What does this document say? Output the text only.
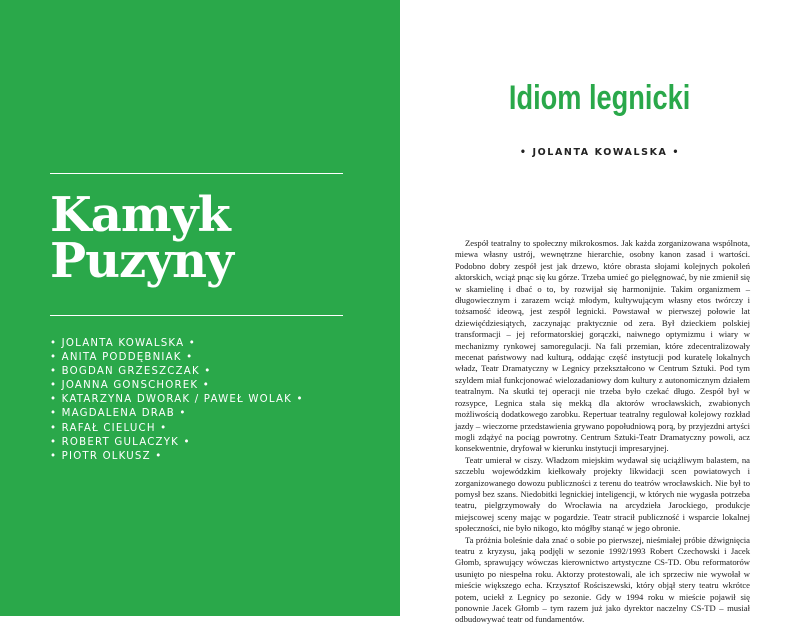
Kamyk
Puzyny
• JOLANTA KOWALSKA •
• ANITA PODDĘBNIAK •
• BOGDAN GRZESZCZAK •
• JOANNA GONSCHOREK •
• KATARZYNA DWORAK / PAWEŁ WOLAK •
• MAGDALENA DRAB •
• RAFAŁ CIELUCH •
• ROBERT GULACZYK •
• PIOTR OLKUSZ •
Idiom legnicki
• JOLANTA KOWALSKA •

Zespół teatralny to społeczny mikrokosmos. Jak każda zorganizowana wspólnota, miewa własny ustrój, wewnętrzne hierarchie, osobny kanon zasad i wartości. Podobno dobry zespół jest jak drzewo, które obrasta słojami kolejnych pokoleń aktorskich, wciąż pnąc się ku górze. Trzeba umieć go pielęgnować, by nie zmienił się w skamielinę i dbać o to, by rozwijał się harmonijnie. Takim organizmem – długowiecznym i zarazem wciąż młodym, kultywującym własny etos twórczy i tożsamość ideową, jest zespół legnicki. Powstawał w pierwszej połowie lat dziewięćdziesiątych, zaczynając praktycznie od zera. Był dzieckiem polskiej transformacji – jej reformatorskiej gorączki, naiwnego optymizmu i wiary w mechanizmy rynkowej samoregulacji. Na fali przemian, które zdecentralizowały mecenat państwowy nad kulturą, oddając część instytucji pod kuratelę lokalnych władz, Teatr Dramatyczny w Legnicy przekształcono w Centrum Sztuki. Pod tym szyldem miał funkcjonować wielozadaniowy dom kultury z autonomicznym działem teatralnym. Na skutki tej operacji nie trzeba było czekać długo. Zespół był w rozsypce, Legnica stała się mekką dla aktorów wrocławskich, zwabionych możliwością dodatkowego zarobku. Repertuar teatralny regulował kolejowy rozkład jazdy – wieczorne przedstawienia grywano popołudniową porą, by przyjezdni artyści mogli zdążyć na pociąg powrotny. Centrum Sztuki-Teatr Dramatyczny powoli, acz konsekwentnie, dryfował w kierunku instytucji impresaryjnej.

Teatr umierał w ciszy. Władzom miejskim wydawał się uciążliwym balastem, na szczeblu wojewódzkim kiełkowały projekty likwidacji scen powiatowych i zorganizowanego dowozu publiczności z terenu do teatrów wrocławskich. Nie był to pomysł bez szans. Niedobitki legnickiej inteligencji, w których nie wygasła potrzeba teatru, pielgrzymowały do Wrocławia na arcydzieła Jarockiego, produkcje miejscowej sceny mając w pogardzie. Teatr stracił publiczność i wsparcie lokalnej społeczności, nie było nikogo, kto mógłby stanąć w jego obronie.

Ta próżnia boleśnie dała znać o sobie po pierwszej, nieśmiałej próbie dźwignięcia teatru z kryzysu, jaką podjęli w sezonie 1992/1993 Robert Czechowski i Jacek Głomb, sprawujący wówczas kierownictwo artystyczne CS-TD. Obu reformatorów usunięto po niespełna roku. Aktorzy protestowali, ale ich sprzeciw nie wywołał w mieście większego echa. Krzysztof Rościszewski, który objął stery teatru wkrótce potem, uciekł z Legnicy po sezonie. Gdy w 1994 roku w mieście pojawił się ponownie Jacek Głomb – tym razem już jako dyrektor naczelny CS-TD – musiał odbudowywać teatr od fundamentów.
